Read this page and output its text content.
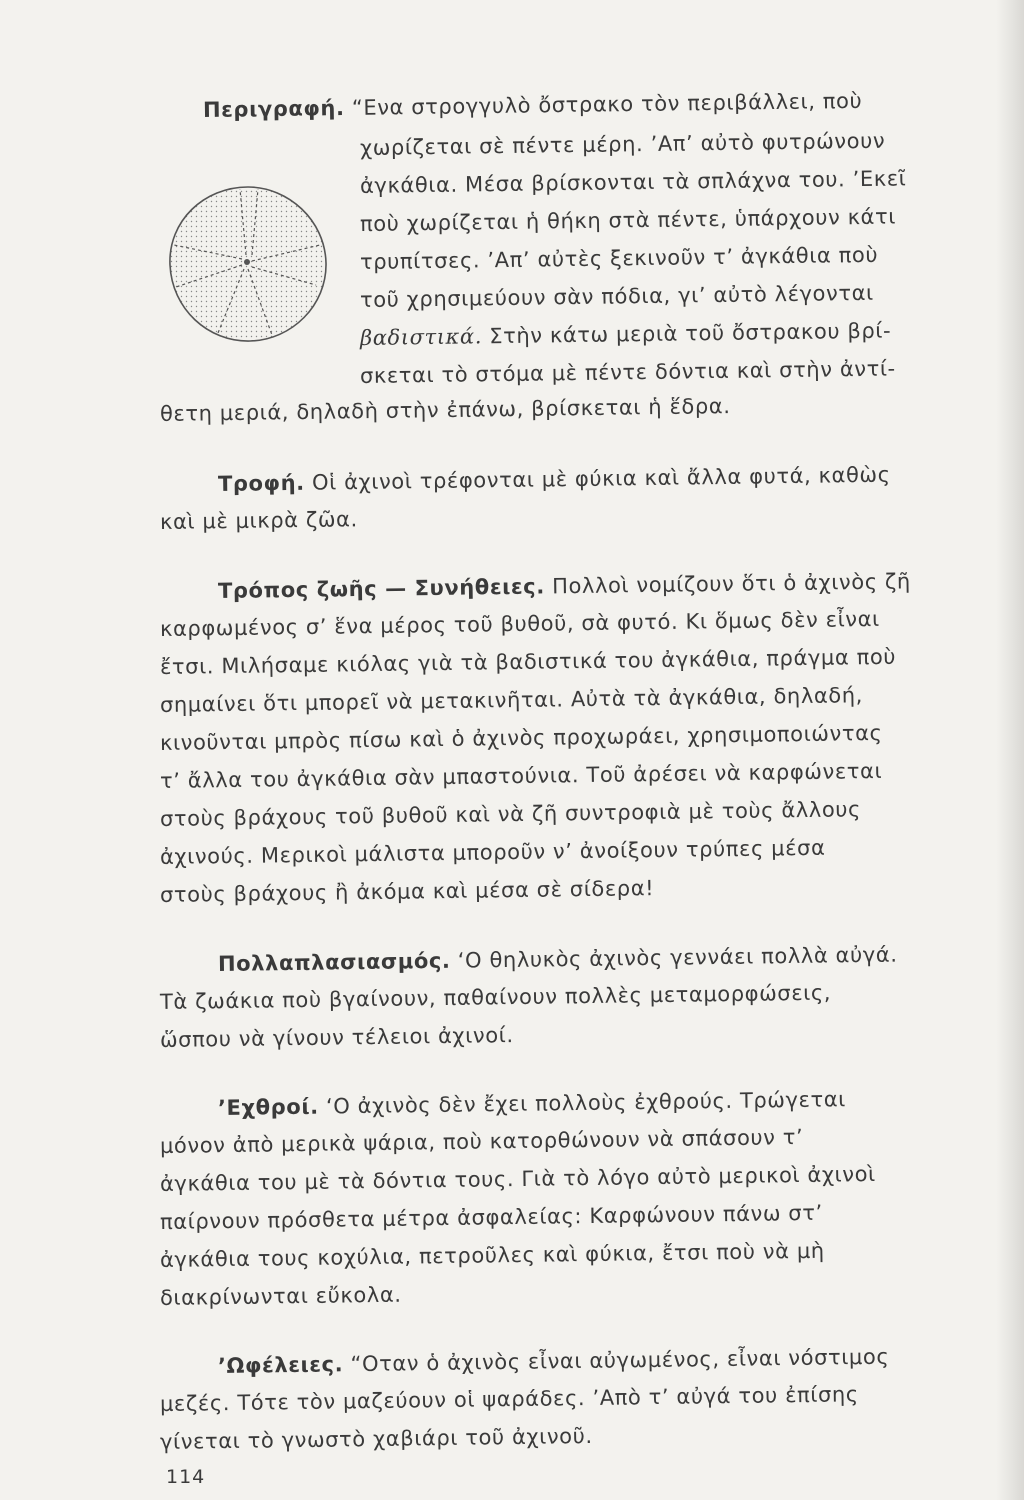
Περιγραφή. “Ενα στρογγυλὸ ὄστρακο τὸν περιβάλλει, ποὺ
χωρίζεται σὲ πέντε μέρη. ’Απ’ αὐτὸ φυτρώνουν
ἀγκάθια. Μέσα βρίσκονται τὰ σπλάχνα του. ’Εκεῖ
ποὺ χωρίζεται ἡ θήκη στὰ πέντε, ὑπάρχουν κάτι
τρυπίτσες. ’Απ’ αὐτὲς ξεκινοῦν τ’ ἀγκάθια ποὺ
τοῦ χρησιμεύουν σὰν πόδια, γι’ αὐτὸ λέγονται
βαδιστικά. Στὴν κάτω μεριὰ τοῦ ὄστρακου βρί-
σκεται τὸ στόμα μὲ πέντε δόντια καὶ στὴν ἀντί-
θετη μεριά, δηλαδὴ στὴν ἐπάνω, βρίσκεται ἡ ἕδρα.
Τροφή. Οἱ ἀχινοὶ τρέφονται μὲ φύκια καὶ ἄλλα φυτά, καθὼς
καὶ μὲ μικρὰ ζῶα.
Τρόπος ζωῆς — Συνήθειες. Πολλοὶ νομίζουν ὅτι ὁ ἀχινὸς ζῆ
καρφωμένος σ’ ἕνα μέρος τοῦ βυθοῦ, σὰ φυτό. Κι ὅμως δὲν εἶναι
ἔτσι. Μιλήσαμε κιόλας γιὰ τὰ βαδιστικά του ἀγκάθια, πράγμα ποὺ
σημαίνει ὅτι μπορεῖ νὰ μετακινῆται. Αὐτὰ τὰ ἀγκάθια, δηλαδή,
κινοῦνται μπρὸς πίσω καὶ ὁ ἀχινὸς προχωράει, χρησιμοποιώντας
τ’ ἄλλα του ἀγκάθια σὰν μπαστούνια. Τοῦ ἀρέσει νὰ καρφώνεται
στοὺς βράχους τοῦ βυθοῦ καὶ νὰ ζῆ συντροφιὰ μὲ τοὺς ἄλλους
ἀχινούς. Μερικοὶ μάλιστα μποροῦν ν’ ἀνοίξουν τρύπες μέσα
στοὺς βράχους ἢ ἀκόμα καὶ μέσα σὲ σίδερα!
Πολλαπλασιασμός. ‘Ο θηλυκὸς ἀχινὸς γεννάει πολλὰ αὐγά.
Τὰ ζωάκια ποὺ βγαίνουν, παθαίνουν πολλὲς μεταμορφώσεις,
ὥσπου νὰ γίνουν τέλειοι ἀχινοί.
’Εχθροί. ‘Ο ἀχινὸς δὲν ἔχει πολλοὺς ἐχθρούς. Τρώγεται
μόνον ἀπὸ μερικὰ ψάρια, ποὺ κατορθώνουν νὰ σπάσουν τ’
ἀγκάθια του μὲ τὰ δόντια τους. Γιὰ τὸ λόγο αὐτὸ μερικοὶ ἀχινοὶ
παίρνουν πρόσθετα μέτρα ἀσφαλείας: Καρφώνουν πάνω στ’
ἀγκάθια τους κοχύλια, πετροῦλες καὶ φύκια, ἔτσι ποὺ νὰ μὴ
διακρίνωνται εὔκολα.
’Ωφέλειες. “Οταν ὁ ἀχινὸς εἶναι αὐγωμένος, εἶναι νόστιμος
μεζές. Τότε τὸν μαζεύουν οἱ ψαράδες. ’Απὸ τ’ αὐγά του ἐπίσης
γίνεται τὸ γνωστὸ χαβιάρι τοῦ ἀχινοῦ.
114
